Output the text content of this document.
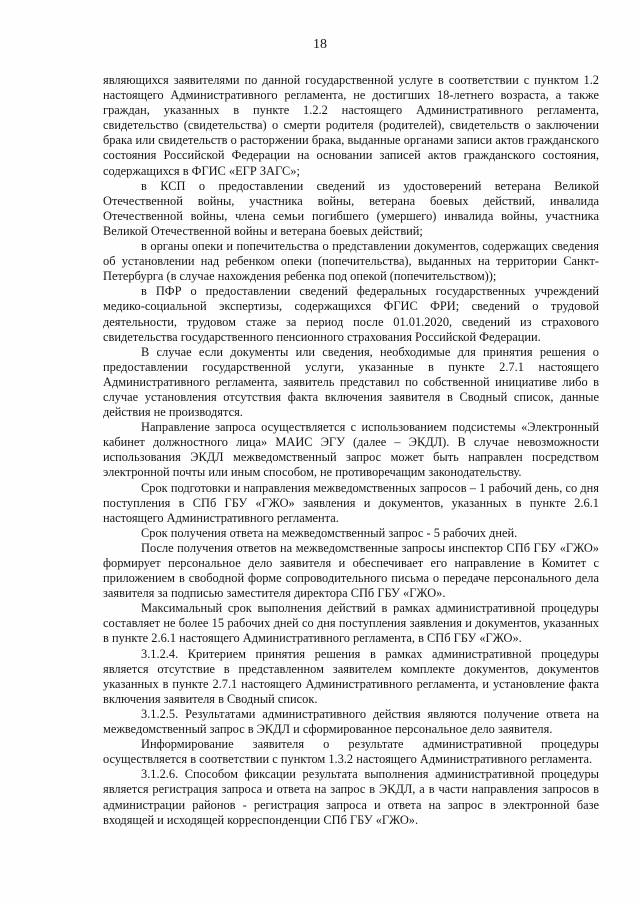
18

являющихся заявителями по данной государственной услуге в соответствии с пунктом 1.2 настоящего Административного регламента, не достигших 18-летнего возраста, а также граждан, указанных в пункте 1.2.2 настоящего Административного регламента, свидетельство (свидетельства) о смерти родителя (родителей), свидетельств о заключении брака или свидетельств о расторжении брака, выданные органами записи актов гражданского состояния Российской Федерации на основании записей актов гражданского состояния, содержащихся в ФГИС «ЕГР ЗАГС»;

в КСП о предоставлении сведений из удостоверений ветерана Великой Отечественной войны, участника войны, ветерана боевых действий, инвалида Отечественной войны, члена семьи погибшего (умершего) инвалида войны, участника Великой Отечественной войны и ветерана боевых действий;

в органы опеки и попечительства о представлении документов, содержащих сведения об установлении над ребенком опеки (попечительства), выданных на территории Санкт-Петербурга (в случае нахождения ребенка под опекой (попечительством));

в ПФР о предоставлении сведений федеральных государственных учреждений медико-социальной экспертизы, содержащихся ФГИС ФРИ; сведений о трудовой деятельности, трудовом стаже за период после 01.01.2020, сведений из страхового свидетельства государственного пенсионного страхования Российской Федерации.

В случае если документы или сведения, необходимые для принятия решения о предоставлении государственной услуги, указанные в пункте 2.7.1 настоящего Административного регламента, заявитель представил по собственной инициативе либо в случае установления отсутствия факта включения заявителя в Сводный список, данные действия не производятся.

Направление запроса осуществляется с использованием подсистемы «Электронный кабинет должностного лица» МАИС ЭГУ (далее – ЭКДЛ). В случае невозможности использования ЭКДЛ межведомственный запрос может быть направлен посредством электронной почты или иным способом, не противоречащим законодательству.

Срок подготовки и направления межведомственных запросов – 1 рабочий день, со дня поступления в СПб ГБУ «ГЖО» заявления и документов, указанных в пункте 2.6.1 настоящего Административного регламента.

Срок получения ответа на межведомственный запрос - 5 рабочих дней.

После получения ответов на межведомственные запросы инспектор СПб ГБУ «ГЖО» формирует персональное дело заявителя и обеспечивает его направление в Комитет с приложением в свободной форме сопроводительного письма о передаче персонального дела заявителя за подписью заместителя директора СПб ГБУ «ГЖО».

Максимальный срок выполнения действий в рамках административной процедуры составляет не более 15 рабочих дней со дня поступления заявления и документов, указанных в пункте 2.6.1 настоящего Административного регламента, в СПб ГБУ «ГЖО».

3.1.2.4. Критерием принятия решения в рамках административной процедуры является отсутствие в представленном заявителем комплекте документов, документов указанных в пункте 2.7.1 настоящего Административного регламента, и установление факта включения заявителя в Сводный список.

3.1.2.5. Результатами административного действия являются получение ответа на межведомственный запрос в ЭКДЛ и сформированное персональное дело заявителя.

Информирование заявителя о результате административной процедуры осуществляется в соответствии с пунктом 1.3.2 настоящего Административного регламента.

3.1.2.6. Способом фиксации результата выполнения административной процедуры является регистрация запроса и ответа на запрос в ЭКДЛ, а в части направления запросов в администрации районов - регистрация запроса и ответа на запрос в электронной базе входящей и исходящей корреспонденции СПб ГБУ «ГЖО».
